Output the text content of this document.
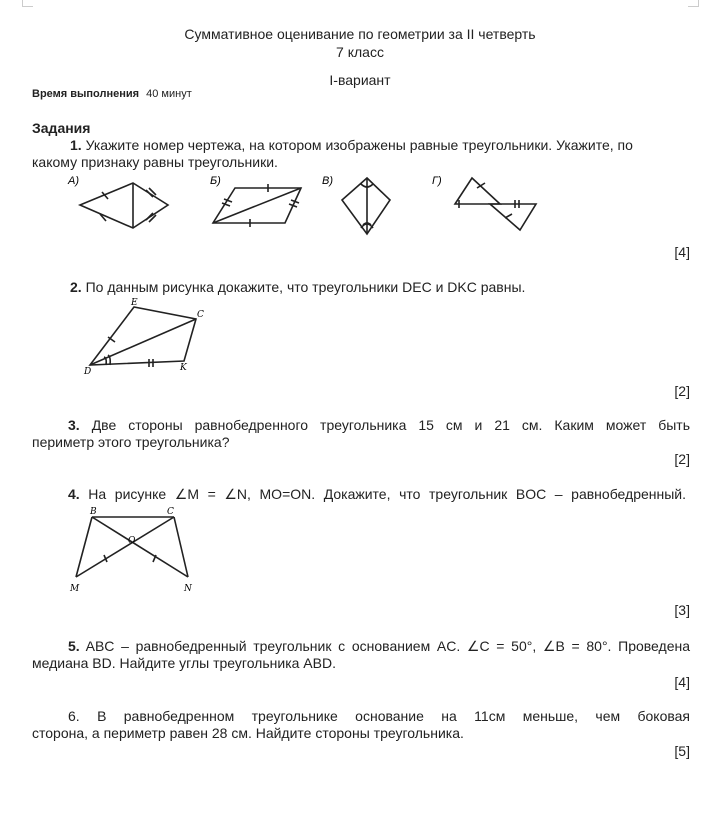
Суммативное оценивание по геометрии за II четверть
7 класс
I-вариант
Время выполнения 40 минут
Задания
1. Укажите номер чертежа, на котором изображены равные треугольники. Укажите, по
какому признаку равны треугольники.
А)	Б)	В)	Г)
[4]
2. По данным рисунка докажите, что треугольники DEC и DKC равны.
E
C
D	K
[2]
3. Две стороны равнобедренного треугольника 15 см и 21 см. Каким может быть
периметр этого треугольника?
[2]
4. На рисунке ∠M = ∠N, MO=ON. Докажите, что треугольник BOC – равнобедренный.
B	C
O
M	N
[3]
5. ABC – равнобедренный треугольник с основанием AC. ∠C = 50°, ∠B = 80°. Проведена
медиана BD. Найдите углы треугольника ABD.
[4]
6. В равнобедренном треугольнике основание на 11см меньше, чем боковая
сторона, а периметр равен 28 см. Найдите стороны треугольника.
[5]
